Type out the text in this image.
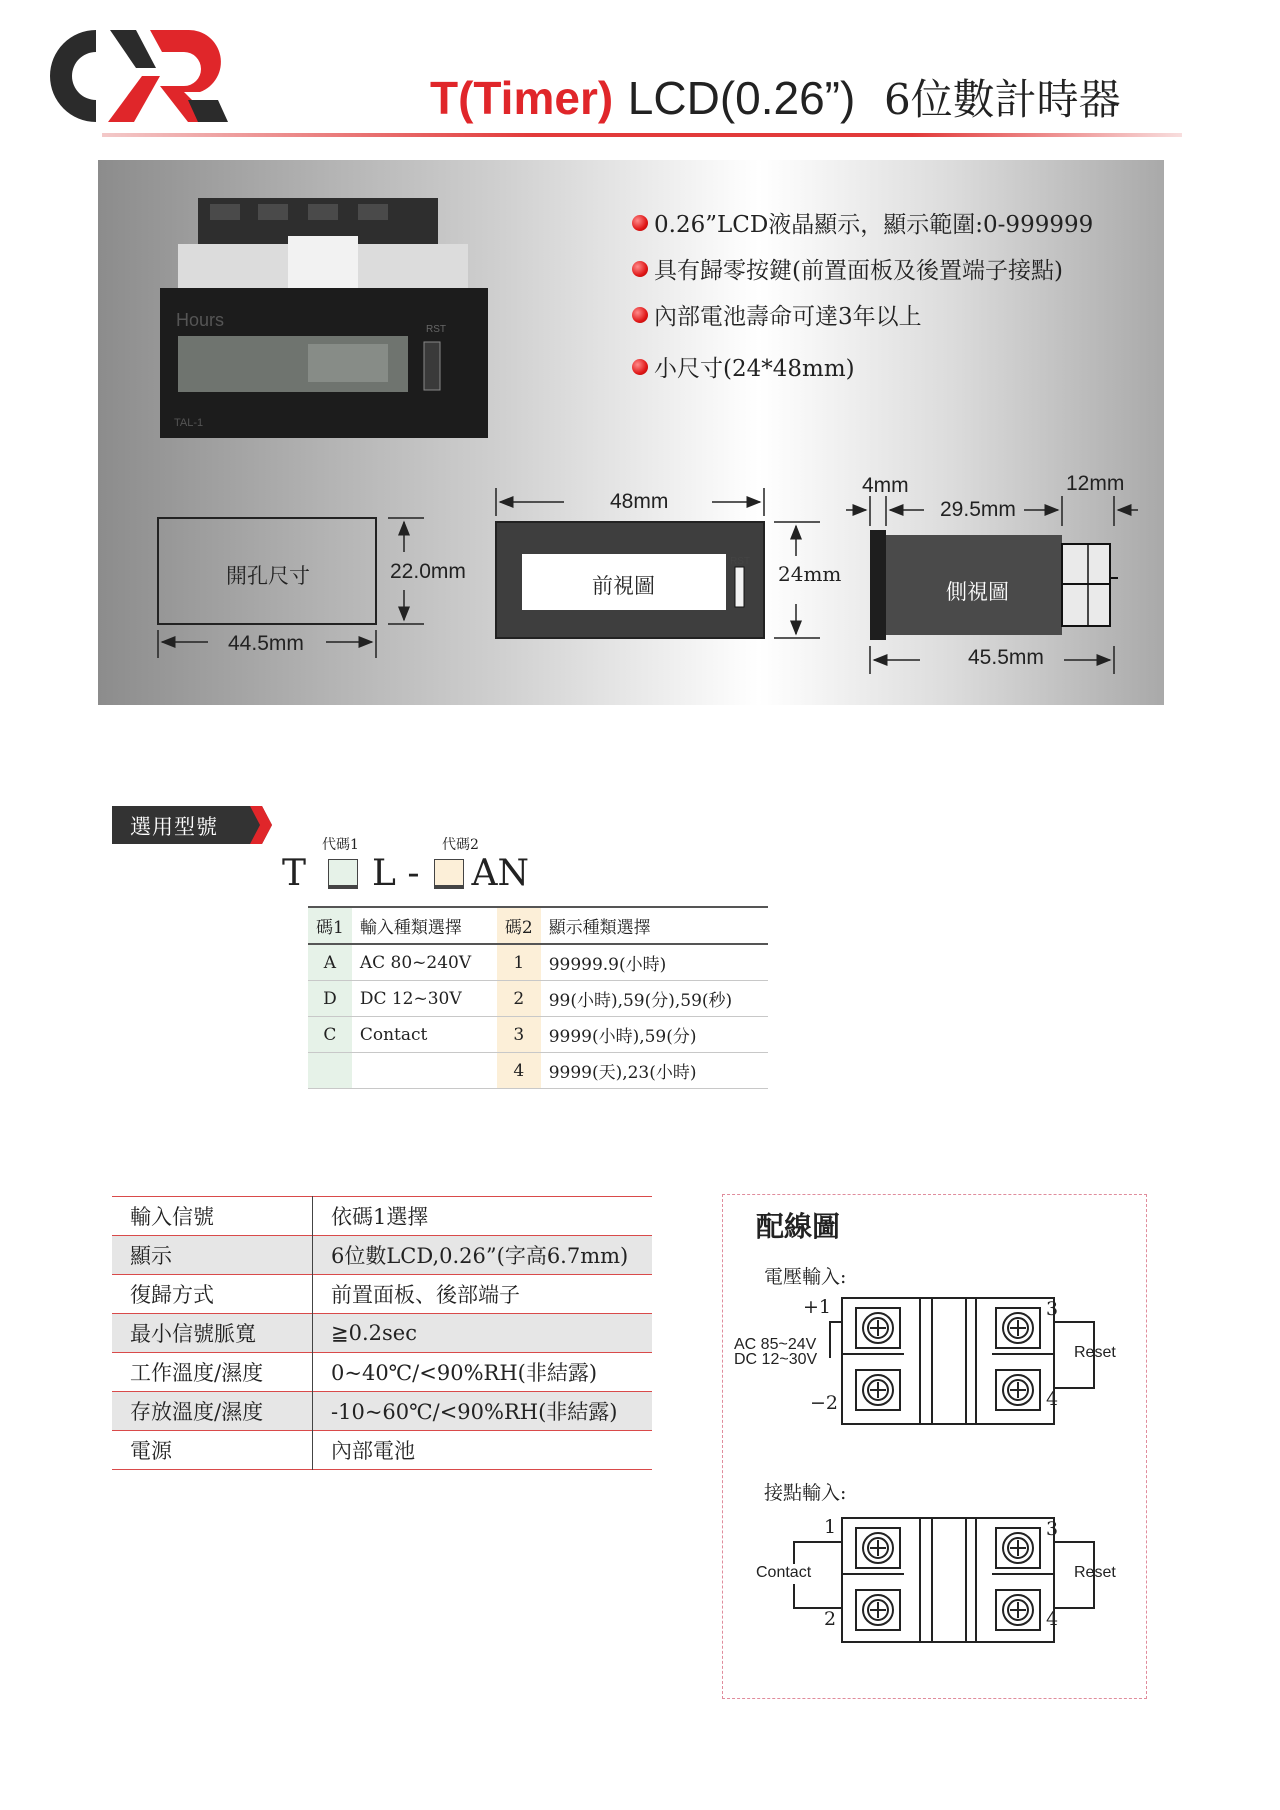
T(Timer) LCD(0.26”) 6位數計時器
Hours	RST
TAL-1
0.26”LCD液晶顯示，顯示範圍:0-999999
具有歸零按鍵(前置面板及後置端子接點)
內部電池壽命可達3年以上
小尺寸(24*48mm)
開孔尺寸	22.0mm
44.5mm
48mm
前視圖
RST
24mm
4mm
29.5mm
12mm
側視圖
45.5mm
選用型號
代碼1	代碼2
T L - AN
碼1	輸入種類選擇	碼2	顯示種類選擇
A	AC 80~240V	1	99999.9(小時)
D	DC 12~30V	2	99(小時),59(分),59(秒)
C	Contact	3	9999(小時),59(分)
		4	9999(天),23(小時)
輸入信號	依碼1選擇
顯示	6位數LCD,0.26”(字高6.7mm)
復歸方式	前置面板、後部端子
最小信號脈寬	≧0.2sec
工作溫度/濕度	0~40℃/<90%RH(非結露)
存放溫度/濕度	-10~60℃/<90%RH(非結露)
電源	內部電池
配線圖
電壓輸入:
接點輸入:
+1
−2
AC 85~24V
DC 12~30V
3
4
Reset
1
2
Contact
3
4
Reset
